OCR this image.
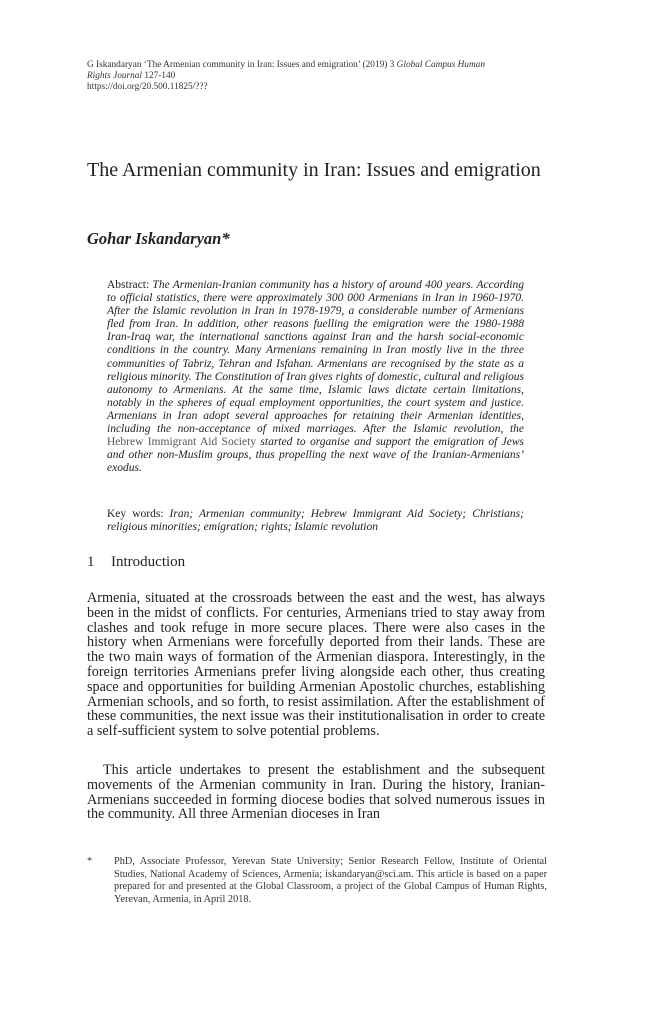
G Iskandaryan ‘The Armenian community in Iran: Issues and emigration’ (2019) 3 Global Campus Human
Rights Journal 127-140
https://doi.org/20.500.11825/???
The Armenian community in Iran: Issues and emigration
Gohar Iskandaryan*

Abstract: The Armenian-Iranian community has a history of around 400 years. According to official statistics, there were approximately 300 000 Armenians in Iran in 1960-1970. After the Islamic revolution in Iran in 1978-1979, a considerable number of Armenians fled from Iran. In addition, other reasons fuelling the emigration were the 1980-1988 Iran-Iraq war, the international sanctions against Iran and the harsh social-economic conditions in the country. Many Armenians remaining in Iran mostly live in the three communities of Tabriz, Tehran and Isfahan. Armenians are recognised by the state as a religious minority. The Constitution of Iran gives rights of domestic, cultural and religious autonomy to Armenians. At the same time, Islamic laws dictate certain limitations, notably in the spheres of equal employment opportunities, the court system and justice. Armenians in Iran adopt several approaches for retaining their Armenian identities, including the non-acceptance of mixed marriages. After the Islamic revolution, the Hebrew Immigrant Aid Society started to organise and support the emigration of Jews and other non-Muslim groups, thus propelling the next wave of the Iranian-Armenians’ exodus.

Key words: Iran; Armenian community; Hebrew Immigrant Aid Society; Christians; religious minorities; emigration; rights; Islamic revolution

1 Introduction

Armenia, situated at the crossroads between the east and the west, has always been in the midst of conflicts. For centuries, Armenians tried to stay away from clashes and took refuge in more secure places. There were also cases in the history when Armenians were forcefully deported from their lands. These are the two main ways of formation of the Armenian diaspora. Interestingly, in the foreign territories Armenians prefer living alongside each other, thus creating space and opportunities for building Armenian Apostolic churches, establishing Armenian schools, and so forth, to resist assimilation. After the establishment of these communities, the next issue was their institutionalisation in order to create a self-sufficient system to solve potential problems.

This article undertakes to present the establishment and the subsequent movements of the Armenian community in Iran. During the history, Iranian-Armenians succeeded in forming diocese bodies that solved numerous issues in the community. All three Armenian dioceses in Iran

*	PhD, Associate Professor, Yerevan State University; Senior Research Fellow, Institute of Oriental Studies, National Academy of Sciences, Armenia; iskandaryan@sci.am. This article is based on a paper prepared for and presented at the Global Classroom, a project of the Global Campus of Human Rights, Yerevan, Armenia, in April 2018.
